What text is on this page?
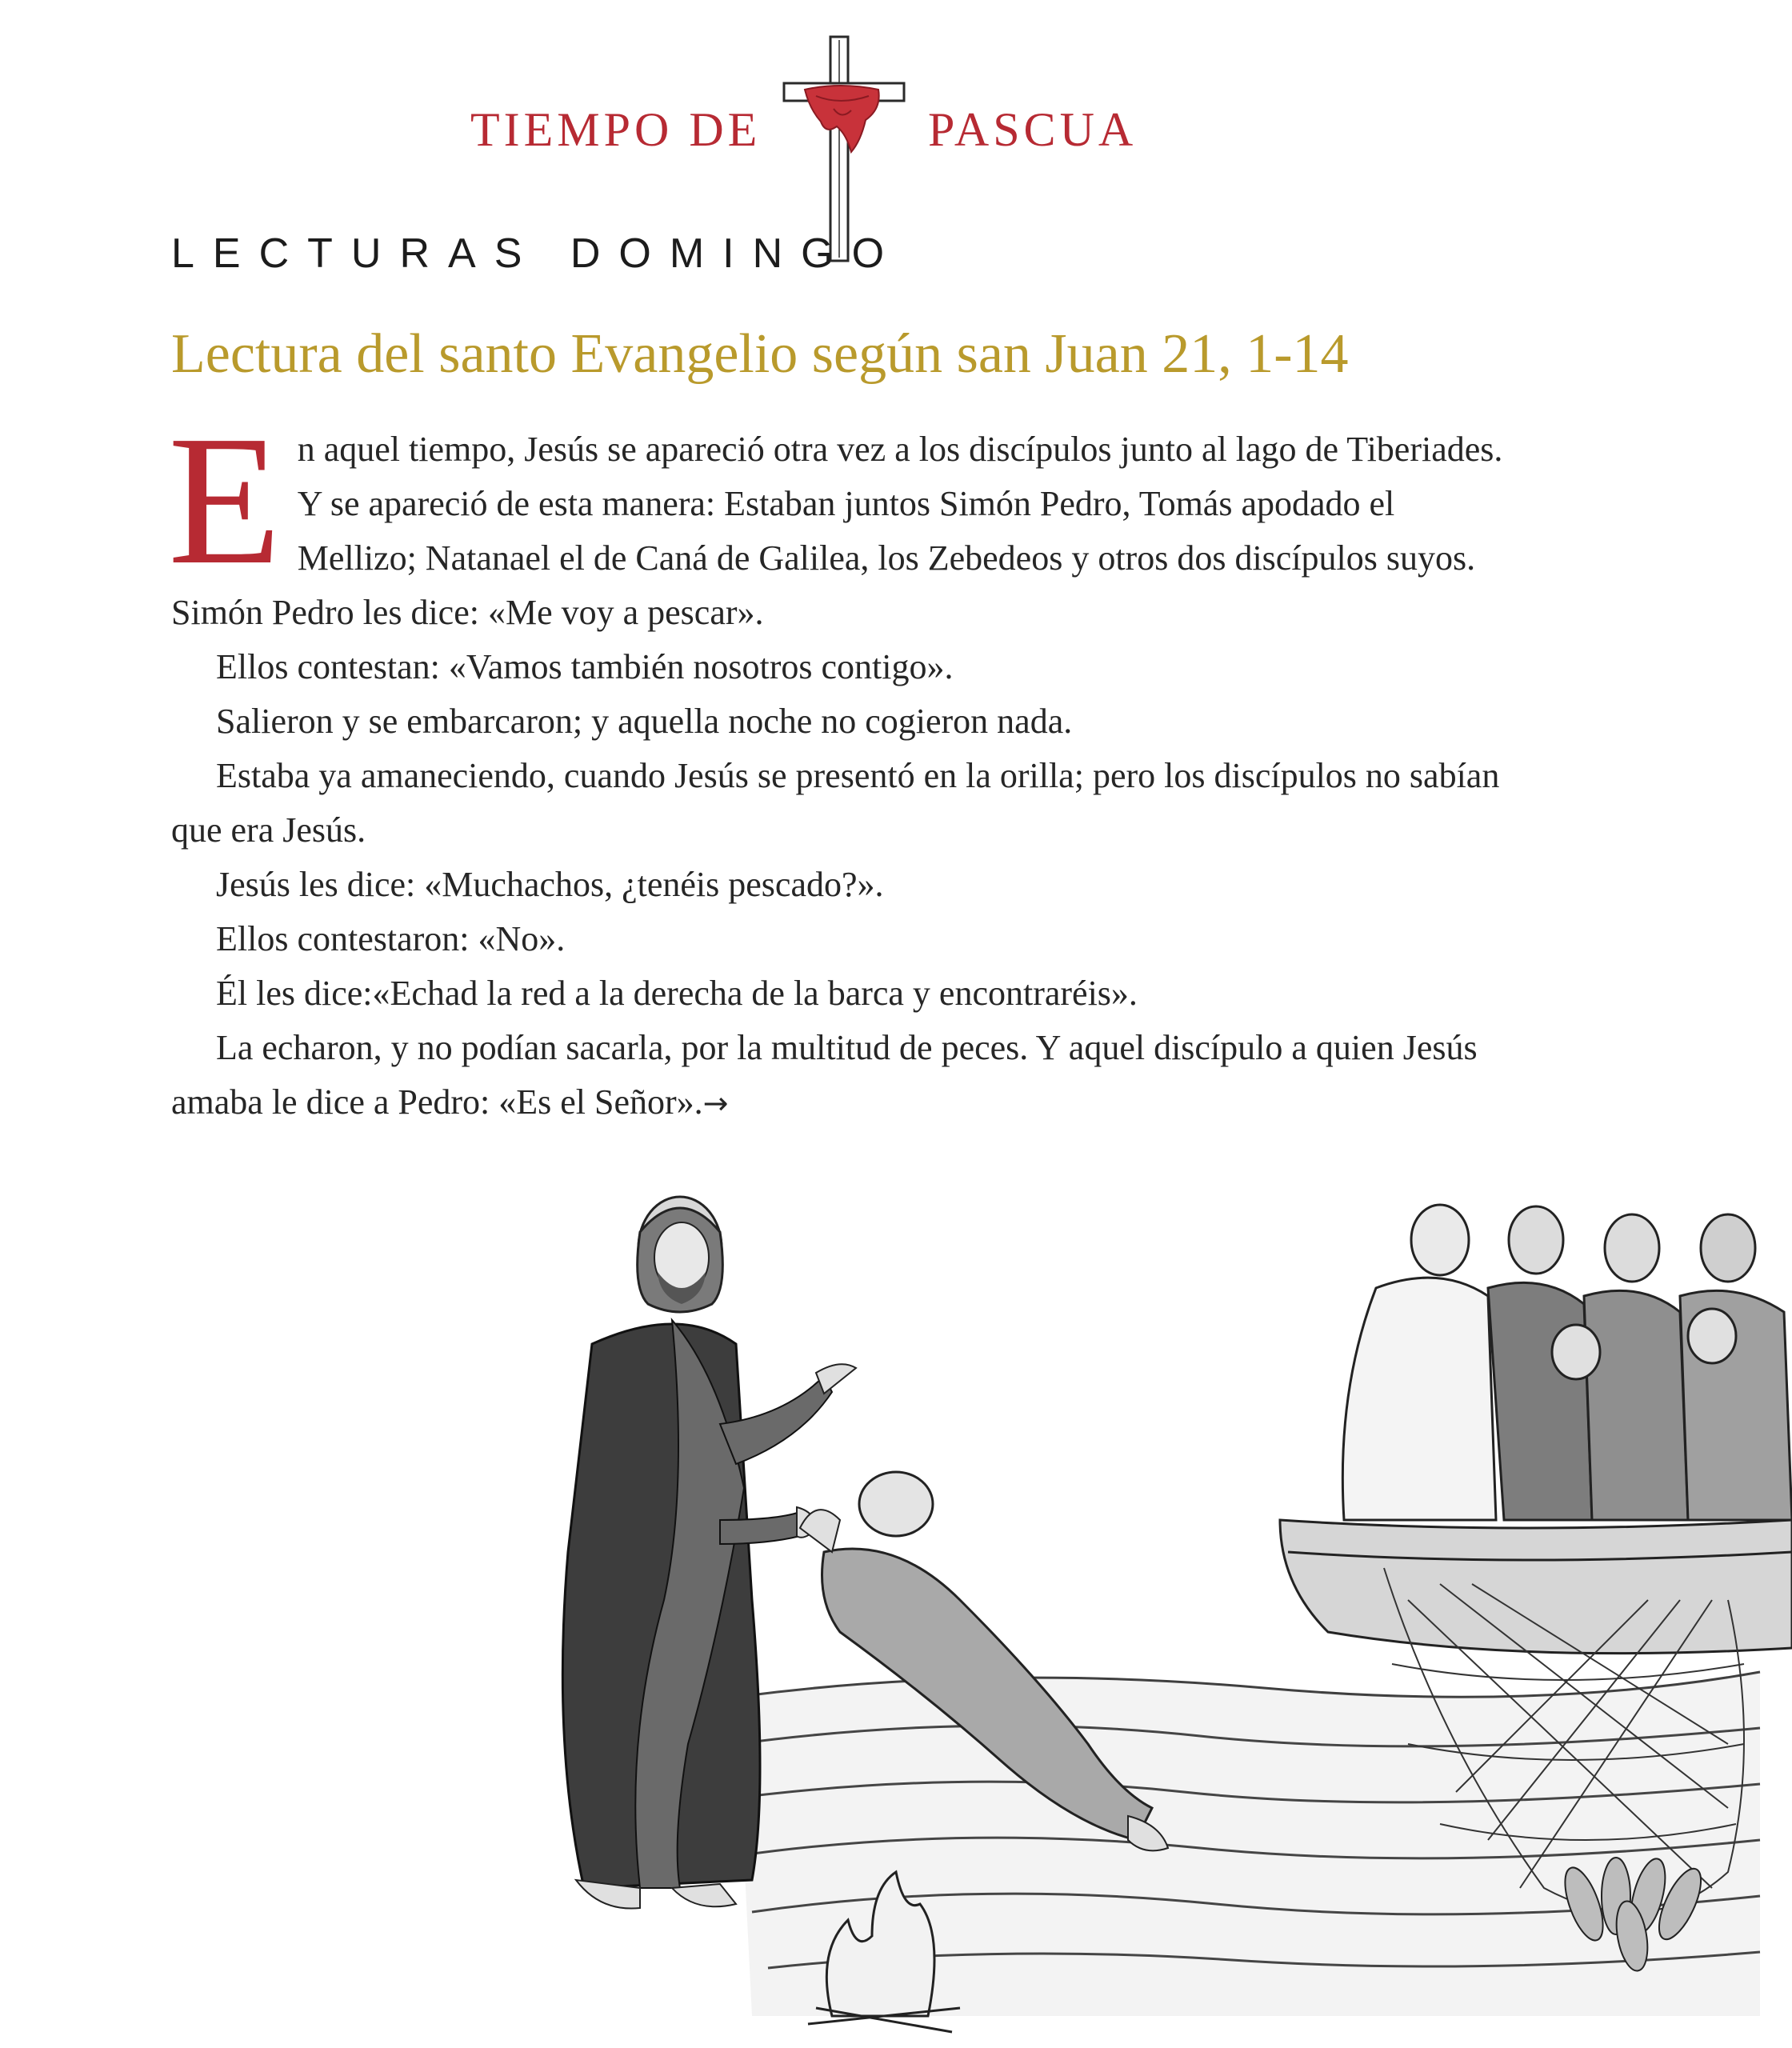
TIEMPO DE	PASCUA
LECTURAS DOMINGO
Lectura del santo Evangelio según san Juan 21, 1-14

En aquel tiempo, Jesús se apareció otra vez a los discípulos junto al lago de Tiberiades. Y se apareció de esta manera: Estaban juntos Simón Pedro, Tomás apodado el Mellizo; Natanael el de Caná de Galilea, los Zebedeos y otros dos discípulos suyos. Simón Pedro les dice: «Me voy a pescar».

Ellos contestan: «Vamos también nosotros contigo».

Salieron y se embarcaron; y aquella noche no cogieron nada.

Estaba ya amaneciendo, cuando Jesús se presentó en la orilla; pero los discípulos no sabían que era Jesús.

Jesús les dice: «Muchachos, ¿tenéis pescado?».

Ellos contestaron: «No».

Él les dice:«Echad la red a la derecha de la barca y encontraréis».

La echaron, y no podían sacarla, por la multitud de peces. Y aquel discípulo a quien Jesús amaba le dice a Pedro: «Es el Señor».→
